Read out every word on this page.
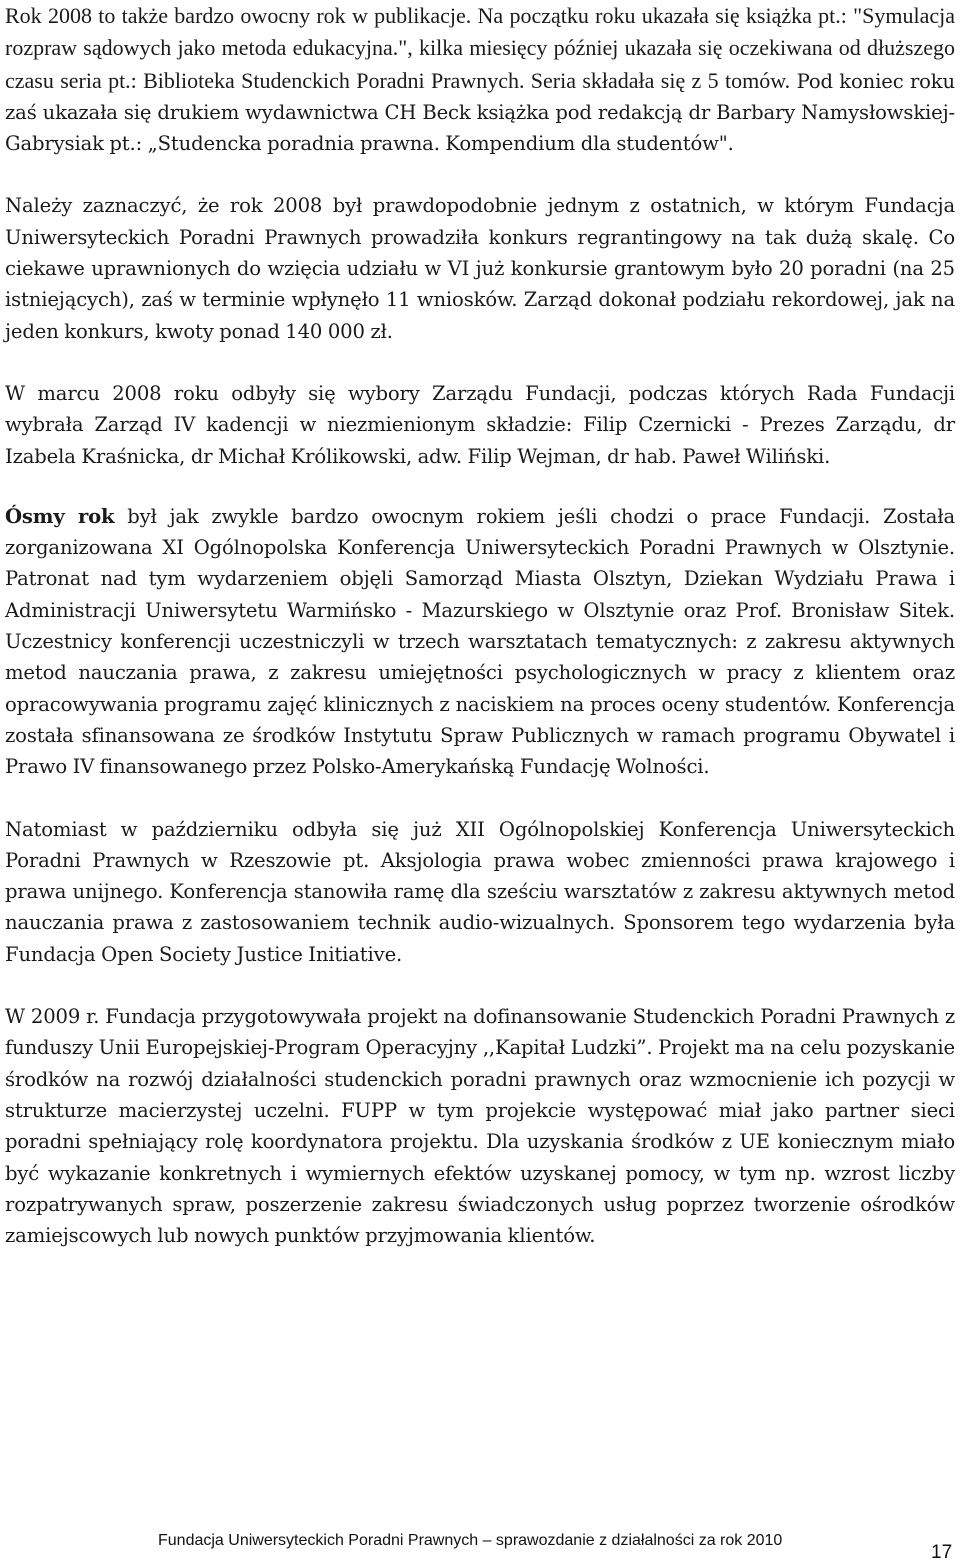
Rok 2008 to także bardzo owocny rok w publikacje. Na początku roku ukazała się książka pt.: "Symulacja rozpraw sądowych jako metoda edukacyjna.", kilka miesięcy później ukazała się oczekiwana od dłuższego czasu seria pt.: Biblioteka Studenckich Poradni Prawnych. Seria składała się z 5 tomów. Pod koniec roku zaś ukazała się drukiem wydawnictwa CH Beck książka pod redakcją dr Barbary Namysłowskiej-Gabrysiak pt.: „Studencka poradnia prawna. Kompendium dla studentów".

Należy zaznaczyć, że rok 2008 był prawdopodobnie jednym z ostatnich, w którym Fundacja Uniwersyteckich Poradni Prawnych prowadziła konkurs regrantingowy na tak dużą skalę. Co ciekawe uprawnionych do wzięcia udziału w VI już konkursie grantowym było 20 poradni (na 25 istniejących), zaś w terminie wpłynęło 11 wniosków. Zarząd dokonał podziału rekordowej, jak na jeden konkurs, kwoty ponad 140 000 zł.

W marcu 2008 roku odbyły się wybory Zarządu Fundacji, podczas których Rada Fundacji wybrała Zarząd IV kadencji w niezmienionym składzie: Filip Czernicki - Prezes Zarządu, dr Izabela Kraśnicka, dr Michał Królikowski, adw. Filip Wejman, dr hab. Paweł Wiliński.

Ósmy rok był jak zwykle bardzo owocnym rokiem jeśli chodzi o prace Fundacji. Została zorganizowana XI Ogólnopolska Konferencja Uniwersyteckich Poradni Prawnych w Olsztynie. Patronat nad tym wydarzeniem objęli Samorząd Miasta Olsztyn, Dziekan Wydziału Prawa i Administracji Uniwersytetu Warmińsko - Mazurskiego w Olsztynie oraz Prof. Bronisław Sitek. Uczestnicy konferencji uczestniczyli w trzech warsztatach tematycznych: z zakresu aktywnych metod nauczania prawa, z zakresu umiejętności psychologicznych w pracy z klientem oraz opracowywania programu zajęć klinicznych z naciskiem na proces oceny studentów. Konferencja została sfinansowana ze środków Instytutu Spraw Publicznych w ramach programu Obywatel i Prawo IV finansowanego przez Polsko-Amerykańską Fundację Wolności.

Natomiast w październiku odbyła się już XII Ogólnopolskiej Konferencja Uniwersyteckich Poradni Prawnych w Rzeszowie pt. Aksjologia prawa wobec zmienności prawa krajowego i prawa unijnego. Konferencja stanowiła ramę dla sześciu warsztatów z zakresu aktywnych metod nauczania prawa z zastosowaniem technik audio-wizualnych. Sponsorem tego wydarzenia była Fundacja Open Society Justice Initiative.

W 2009 r. Fundacja przygotowywała projekt na dofinansowanie Studenckich Poradni Prawnych z funduszy Unii Europejskiej-Program Operacyjny ,,Kapitał Ludzki”. Projekt ma na celu pozyskanie środków na rozwój działalności studenckich poradni prawnych oraz wzmocnienie ich pozycji w strukturze macierzystej uczelni. FUPP w tym projekcie występować miał jako partner sieci poradni spełniający rolę koordynatora projektu. Dla uzyskania środków z UE koniecznym miało być wykazanie konkretnych i wymiernych efektów uzyskanej pomocy, w tym np. wzrost liczby rozpatrywanych spraw, poszerzenie zakresu świadczonych usług poprzez tworzenie ośrodków zamiejscowych lub nowych punktów przyjmowania klientów.

Fundacja Uniwersyteckich Poradni Prawnych – sprawozdanie z działalności za rok 2010
17
